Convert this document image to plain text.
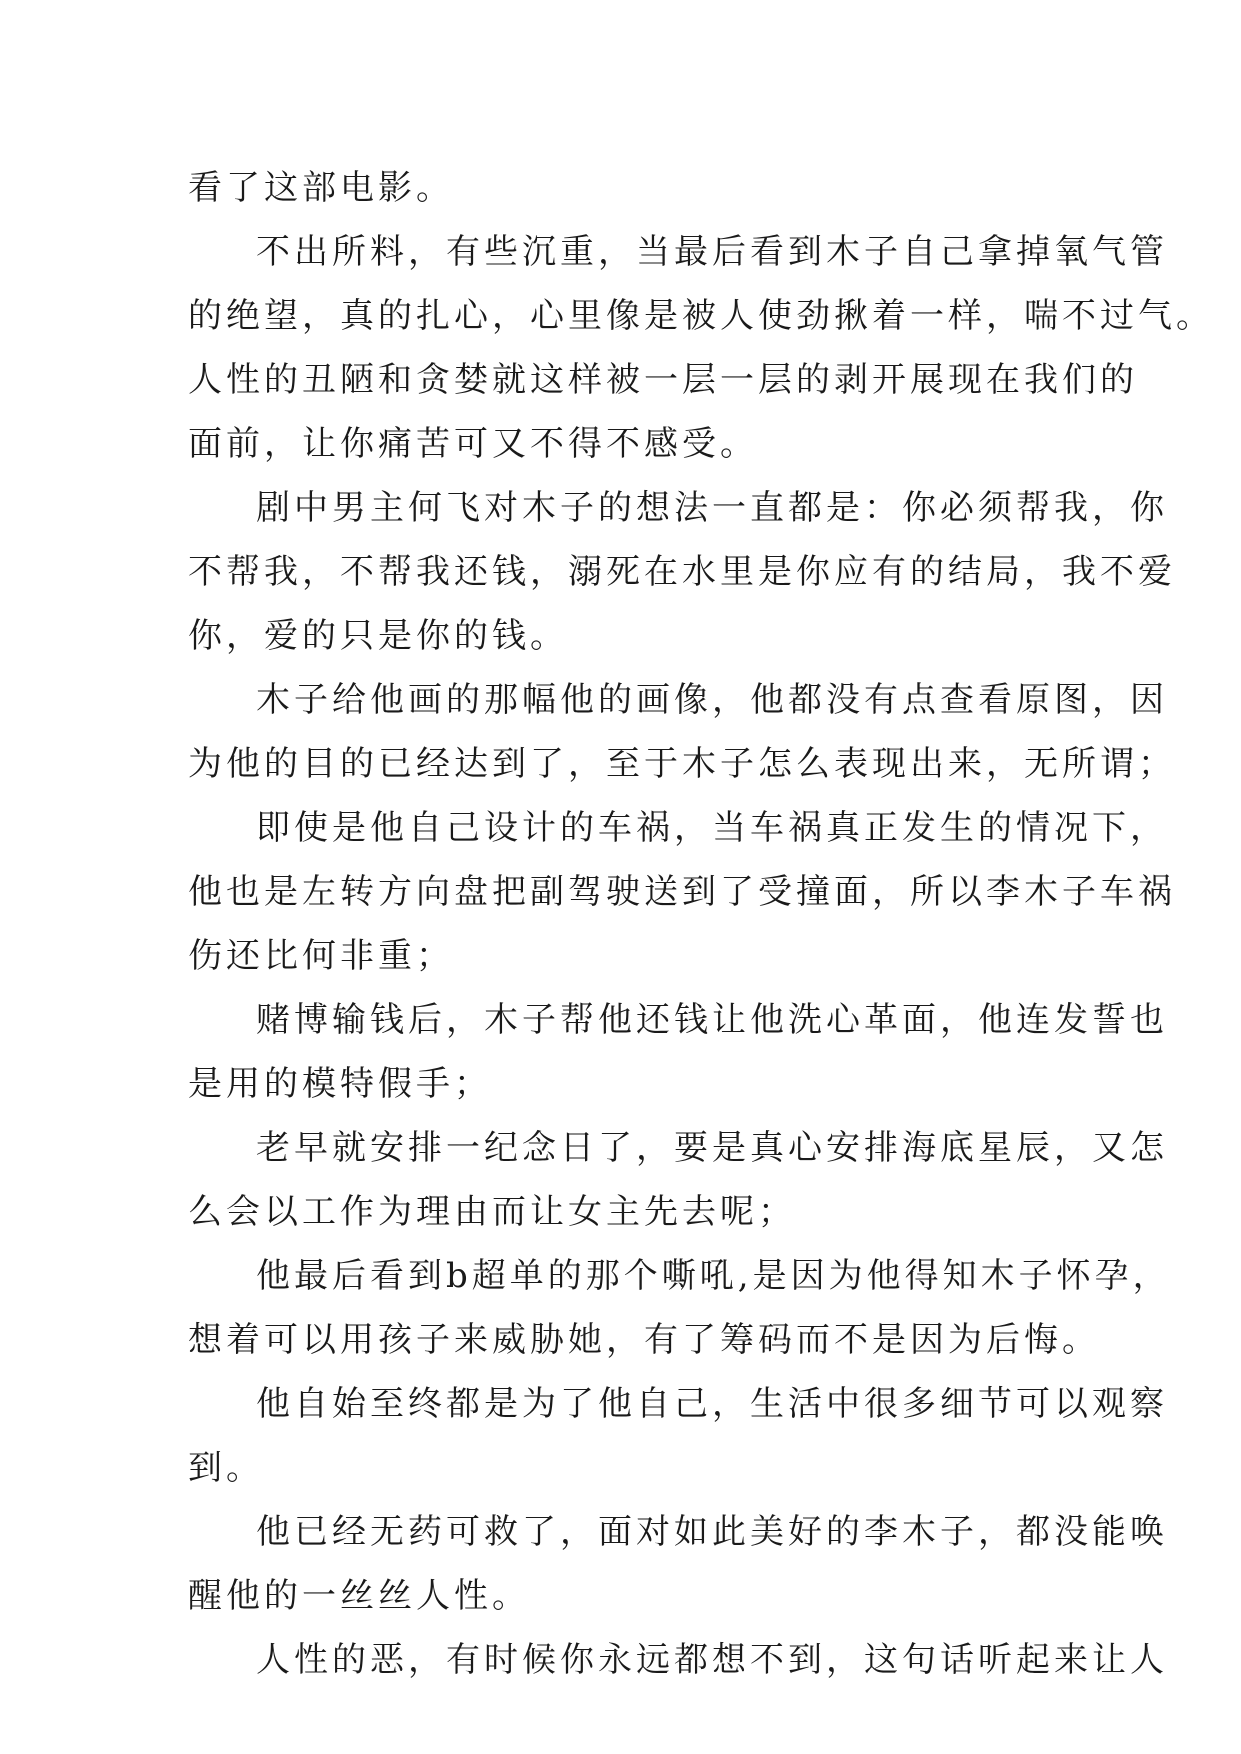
看了这部电影。
不出所料，有些沉重，当最后看到木子自己拿掉氧气管
的绝望，真的扎心，心里像是被人使劲揪着一样，喘不过气。
人性的丑陋和贪婪就这样被一层一层的剥开展现在我们的
面前，让你痛苦可又不得不感受。
剧中男主何飞对木子的想法一直都是：你必须帮我，你
不帮我，不帮我还钱，溺死在水里是你应有的结局，我不爱
你，爱的只是你的钱。
木子给他画的那幅他的画像，他都没有点查看原图，因
为他的目的已经达到了，至于木子怎么表现出来，无所谓；
即使是他自己设计的车祸，当车祸真正发生的情况下，
他也是左转方向盘把副驾驶送到了受撞面，所以李木子车祸
伤还比何非重；
赌博输钱后，木子帮他还钱让他洗心革面，他连发誓也
是用的模特假手；
老早就安排一纪念日了，要是真心安排海底星辰，又怎
么会以工作为理由而让女主先去呢；
他最后看到b超单的那个嘶吼,是因为他得知木子怀孕，
想着可以用孩子来威胁她，有了筹码而不是因为后悔。
他自始至终都是为了他自己，生活中很多细节可以观察
到。
他已经无药可救了，面对如此美好的李木子，都没能唤
醒他的一丝丝人性。
人性的恶，有时候你永远都想不到，这句话听起来让人
